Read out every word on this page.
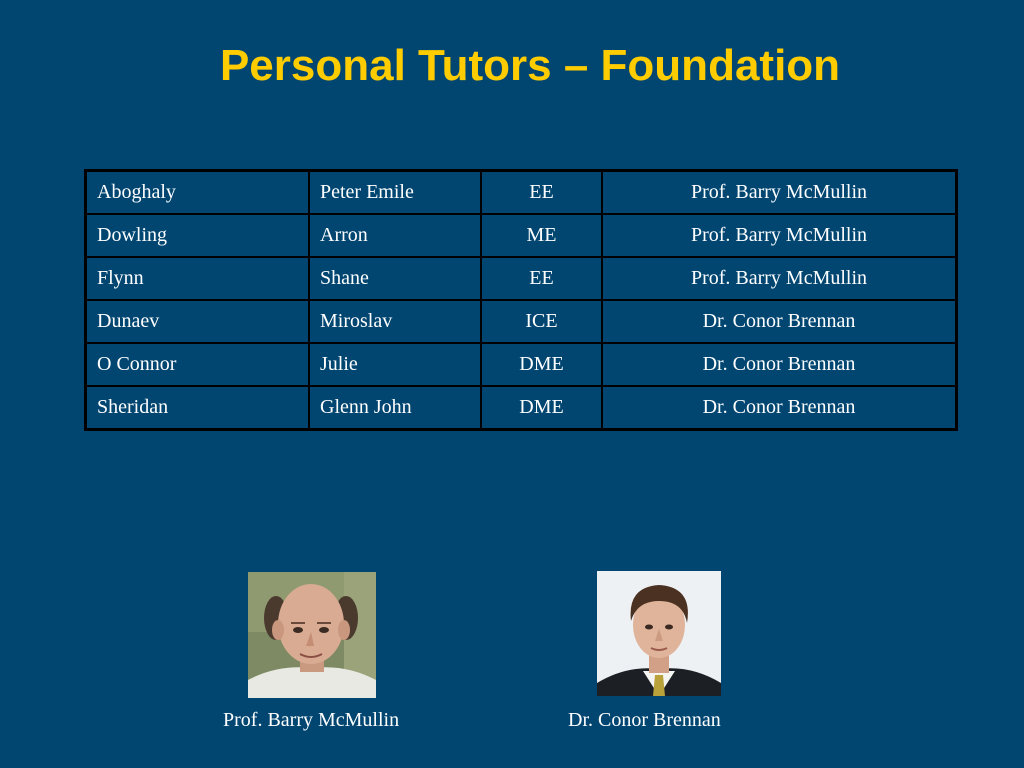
Personal Tutors – Foundation
Aboghaly	Peter Emile	EE	Prof. Barry McMullin
Dowling	Arron	ME	Prof. Barry McMullin
Flynn	Shane	EE	Prof. Barry McMullin
Dunaev	Miroslav	ICE	Dr. Conor Brennan
O Connor	Julie	DME	Dr. Conor Brennan
Sheridan	Glenn John	DME	Dr. Conor Brennan
Prof. Barry McMullin	Dr. Conor Brennan
